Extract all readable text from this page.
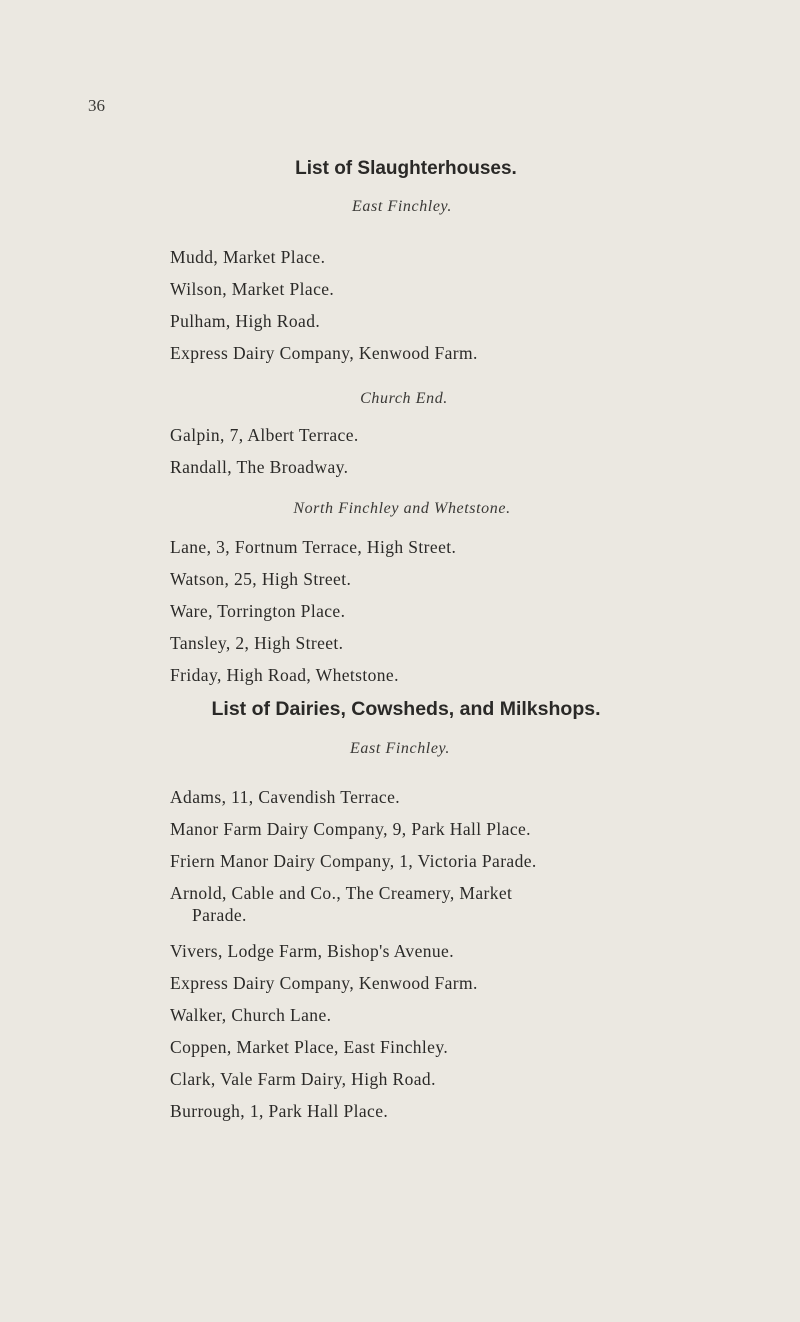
36
List of Slaughterhouses.
East Finchley.
Mudd, Market Place.
Wilson, Market Place.
Pulham, High Road.
Express Dairy Company, Kenwood Farm.
Church End.
Galpin, 7, Albert Terrace.
Randall, The Broadway.
North Finchley and Whetstone.
Lane, 3, Fortnum Terrace, High Street.
Watson, 25, High Street.
Ware, Torrington Place.
Tansley, 2, High Street.
Friday, High Road, Whetstone.
List of Dairies, Cowsheds, and Milkshops.
East Finchley.
Adams, 11, Cavendish Terrace.
Manor Farm Dairy Company, 9, Park Hall Place.
Friern Manor Dairy Company, 1, Victoria Parade.
Arnold, Cable and Co., The Creamery, Market
Parade.
Vivers, Lodge Farm, Bishop's Avenue.
Express Dairy Company, Kenwood Farm.
Walker, Church Lane.
Coppen, Market Place, East Finchley.
Clark, Vale Farm Dairy, High Road.
Burrough, 1, Park Hall Place.
